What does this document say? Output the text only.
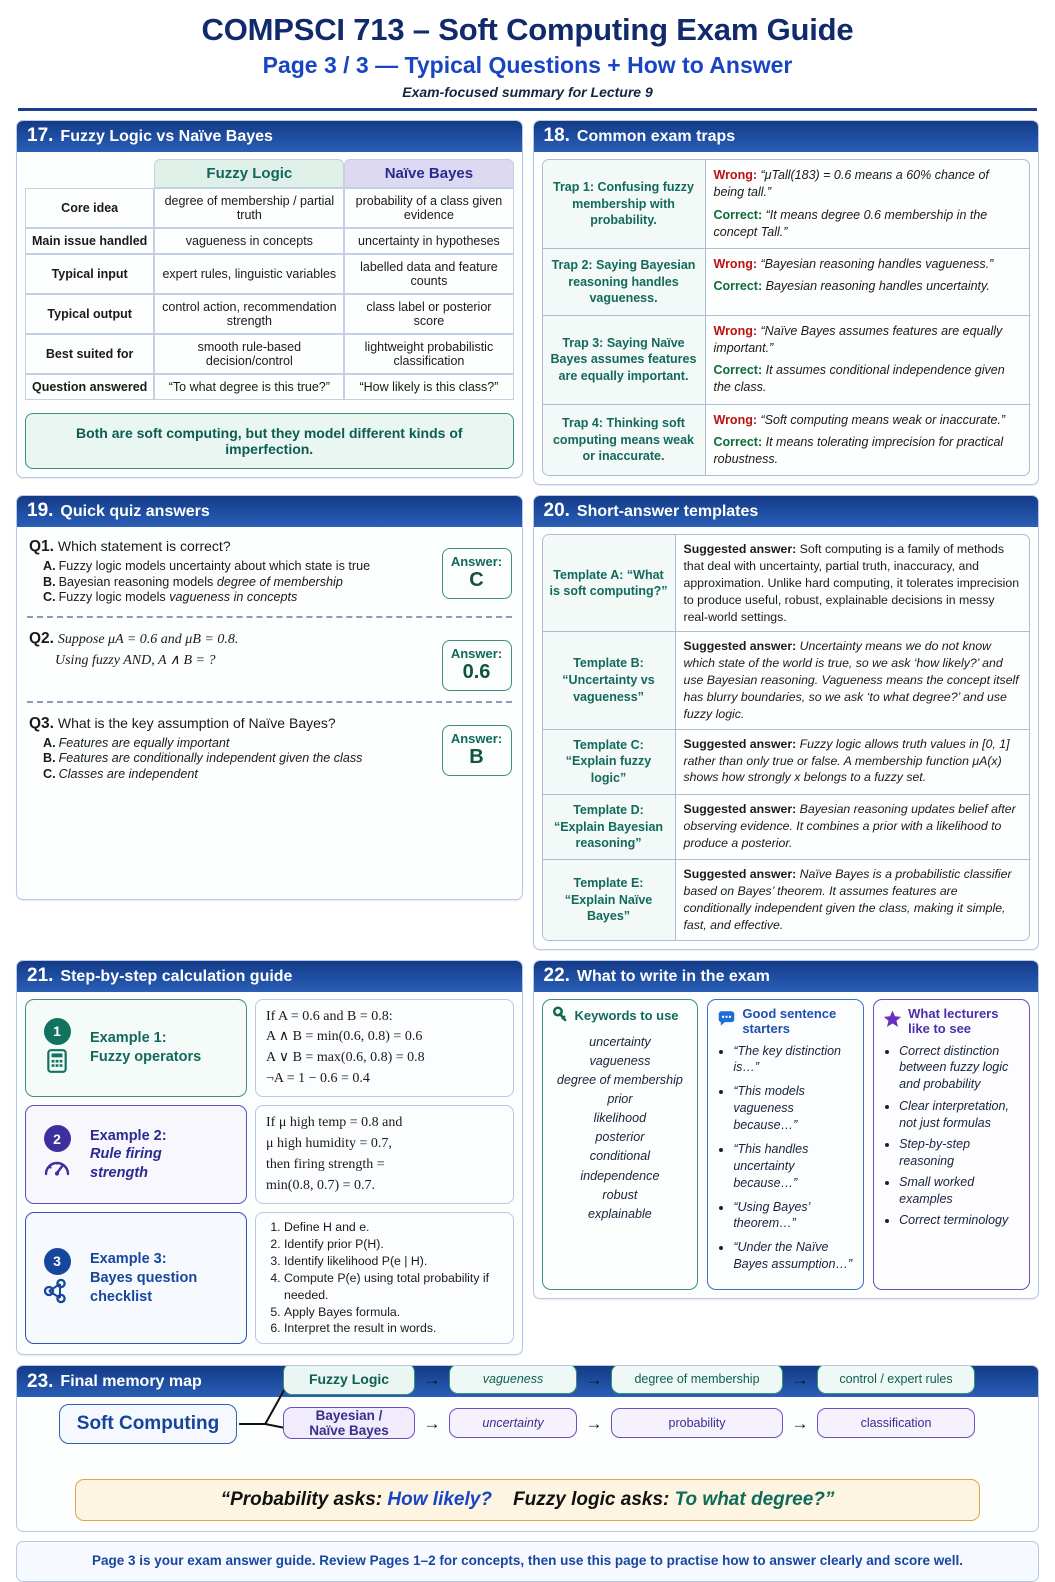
COMPSCI 713 – Soft Computing Exam Guide
Page 3 / 3 — Typical Questions + How to Answer
Exam-focused summary for Lecture 9
17. Fuzzy Logic vs Naïve Bayes
	Fuzzy Logic	Naïve Bayes
Core idea	degree of membership / partial truth	probability of a class given evidence
Main issue handled	vagueness in concepts	uncertainty in hypotheses
Typical input	expert rules, linguistic variables	labelled data and feature counts
Typical output	control action, recommendation strength	class label or posterior score
Best suited for	smooth rule-based decision/control	lightweight probabilistic classification
Question answered	“To what degree is this true?”	“How likely is this class?”
Both are soft computing, but they model different kinds of imperfection.
18. Common exam traps
Trap 1: Confusing fuzzy membership with probability.

Wrong: “μTall(183) = 0.6 means a 60% chance of being tall.”

Correct: “It means degree 0.6 membership in the concept Tall.”

Trap 2: Saying Bayesian reasoning handles vagueness.

Wrong: “Bayesian reasoning handles vagueness.”

Correct: Bayesian reasoning handles uncertainty.

Trap 3: Saying Naïve Bayes assumes features are equally important.

Wrong: “Naïve Bayes assumes features are equally important.”

Correct: It assumes conditional independence given the class.

Trap 4: Thinking soft computing means weak or inaccurate.

Wrong: “Soft computing means weak or inaccurate.”

Correct: It means tolerating imprecision for practical robustness.

19. Quick quiz answers
Q1. Which statement is correct?
A. Fuzzy logic models uncertainty about which state is true
B. Bayesian reasoning models degree of membership
C. Fuzzy logic models vagueness in concepts
Answer:
C
Q2. Suppose μA = 0.6 and μB = 0.8.
Using fuzzy AND, A ∧ B = ?	Answer:
0.6
Q3. What is the key assumption of Naïve Bayes?
A. Features are equally important
B. Features are conditionally independent given the class
C. Classes are independent
Answer:
B
20. Short-answer templates
Template A: “What is soft computing?”
Suggested answer: Soft computing is a family of methods that deal with uncertainty, partial truth, inaccuracy, and approximation. Unlike hard computing, it tolerates imprecision to produce useful, robust, explainable decisions in messy real-world settings.
Template B: “Uncertainty vs vagueness”
Suggested answer: Uncertainty means we do not know which state of the world is true, so we ask ‘how likely?’ and use Bayesian reasoning. Vagueness means the concept itself has blurry boundaries, so we ask ‘to what degree?’ and use fuzzy logic.
Template C: “Explain fuzzy logic”
Suggested answer: Fuzzy logic allows truth values in [0, 1] rather than only true or false. A membership function μA(x) shows how strongly x belongs to a fuzzy set.
Template D: “Explain Bayesian reasoning”
Suggested answer: Bayesian reasoning updates belief after observing evidence. It combines a prior with a likelihood to produce a posterior.
Template E: “Explain Naïve Bayes”
Suggested answer: Naïve Bayes is a probabilistic classifier based on Bayes’ theorem. It assumes features are conditionally independent given the class, making it simple, fast, and effective.
21. Step-by-step calculation guide
1	Example 1:
Fuzzy operators
If A = 0.6 and B = 0.8:
A ∧ B = min(0.6, 0.8) = 0.6
A ∨ B = max(0.6, 0.8) = 0.8
¬A = 1 − 0.6 = 0.4
2	Example 2:
Rule firing
strength
If μ high temp = 0.8 and
μ high humidity = 0.7,
then firing strength =
min(0.8, 0.7) = 0.7.
3	Example 3:
Bayes question
checklist
1. Define H and e.
2. Identify prior P(H).
3. Identify likelihood P(e | H).
4. Compute P(e) using total probability if needed.
5. Apply Bayes formula.
6. Interpret the result in words.
22. What to write in the exam
Keywords to use
uncertainty
vagueness
degree of membership
prior
likelihood
posterior
conditional independence
robust
explainable
Good sentence starters
• “The key distinction is…”
• “This models vagueness because…”
• “This handles uncertainty because…”
• “Using Bayes’ theorem…”
• “Under the Naïve Bayes assumption…”
What lecturers like to see
• Correct distinction between fuzzy logic and probability
• Clear interpretation, not just formulas
• Step-by-step reasoning
• Small worked examples
• Correct terminology
23. Final memory map
Soft Computing
Fuzzy Logic	→	vagueness	→	degree of membership	→	control / expert rules
Bayesian /
Naïve Bayes	→	uncertainty	→	probability	→	classification
“Probability asks: How likely? Fuzzy logic asks: To what degree?”
Page 3 is your exam answer guide. Review Pages 1–2 for concepts, then use this page to practise how to answer clearly and score well.
